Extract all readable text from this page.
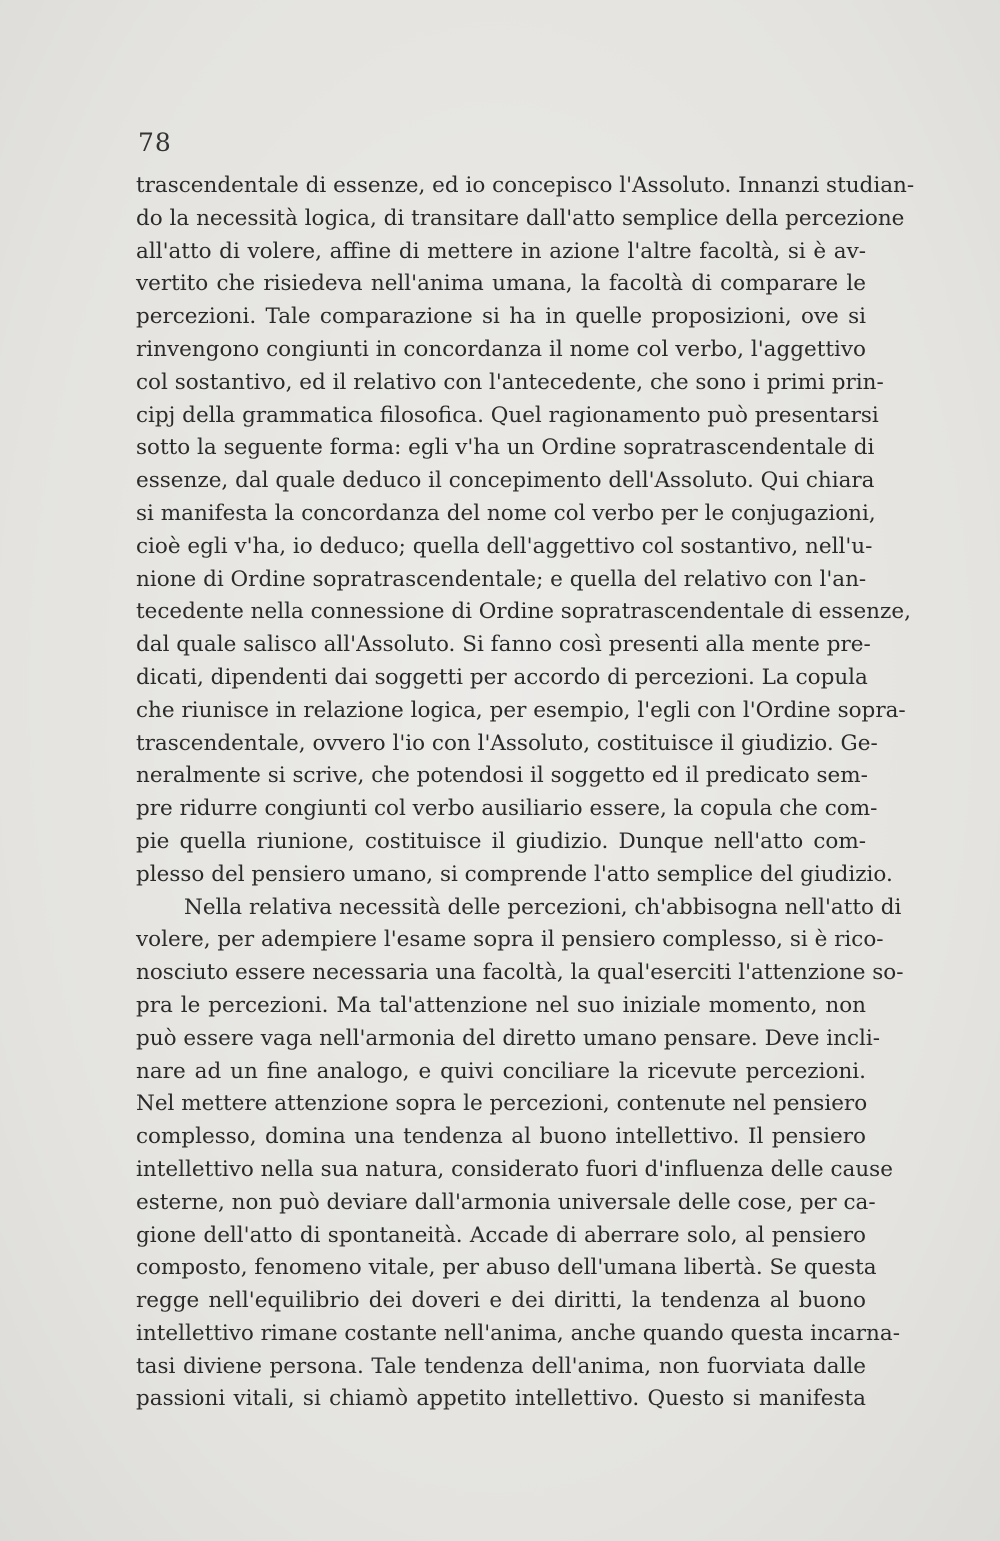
78
trascendentale di essenze, ed io concepisco l'Assoluto. Innanzi studian-
do la necessità logica, di transitare dall'atto semplice della percezione
all'atto di volere, affine di mettere in azione l'altre facoltà, si è av-
vertito che risiedeva nell'anima umana, la facoltà di comparare le
percezioni. Tale comparazione si ha in quelle proposizioni, ove si
rinvengono congiunti in concordanza il nome col verbo, l'aggettivo
col sostantivo, ed il relativo con l'antecedente, che sono i primi prin-
cipj della grammatica filosofica. Quel ragionamento può presentarsi
sotto la seguente forma: egli v'ha un Ordine sopratrascendentale di
essenze, dal quale deduco il concepimento dell'Assoluto. Qui chiara
si manifesta la concordanza del nome col verbo per le conjugazioni,
cioè egli v'ha, io deduco; quella dell'aggettivo col sostantivo, nell'u-
nione di Ordine sopratrascendentale; e quella del relativo con l'an-
tecedente nella connessione di Ordine sopratrascendentale di essenze,
dal quale salisco all'Assoluto. Si fanno così presenti alla mente pre-
dicati, dipendenti dai soggetti per accordo di percezioni. La copula
che riunisce in relazione logica, per esempio, l'egli con l'Ordine sopra-
trascendentale, ovvero l'io con l'Assoluto, costituisce il giudizio. Ge-
neralmente si scrive, che potendosi il soggetto ed il predicato sem-
pre ridurre congiunti col verbo ausiliario essere, la copula che com-
pie quella riunione, costituisce il giudizio. Dunque nell'atto com-
plesso del pensiero umano, si comprende l'atto semplice del giudizio.
Nella relativa necessità delle percezioni, ch'abbisogna nell'atto di
volere, per adempiere l'esame sopra il pensiero complesso, si è rico-
nosciuto essere necessaria una facoltà, la qual'eserciti l'attenzione so-
pra le percezioni. Ma tal'attenzione nel suo iniziale momento, non
può essere vaga nell'armonia del diretto umano pensare. Deve incli-
nare ad un fine analogo, e quivi conciliare la ricevute percezioni.
Nel mettere attenzione sopra le percezioni, contenute nel pensiero
complesso, domina una tendenza al buono intellettivo. Il pensiero
intellettivo nella sua natura, considerato fuori d'influenza delle cause
esterne, non può deviare dall'armonia universale delle cose, per ca-
gione dell'atto di spontaneità. Accade di aberrare solo, al pensiero
composto, fenomeno vitale, per abuso dell'umana libertà. Se questa
regge nell'equilibrio dei doveri e dei diritti, la tendenza al buono
intellettivo rimane costante nell'anima, anche quando questa incarna-
tasi diviene persona. Tale tendenza dell'anima, non fuorviata dalle
passioni vitali, si chiamò appetito intellettivo. Questo si manifesta
